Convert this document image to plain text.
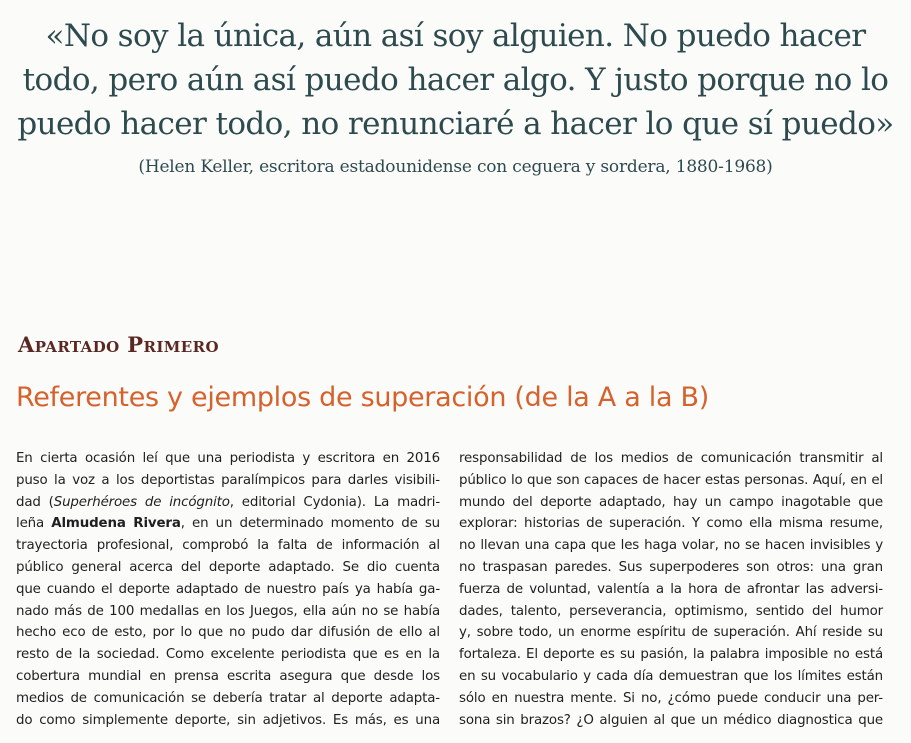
«No soy la única, aún así soy alguien. No puedo hacer
todo, pero aún así puedo hacer algo. Y justo porque no lo
puedo hacer todo, no renunciaré a hacer lo que sí puedo»
(Helen Keller, escritora estadounidense con ceguera y sordera, 1880-1968)
Apartado Primero
Referentes y ejemplos de superación (de la A a la B)
En cierta ocasión leí que una periodista y escritora en 2016
puso la voz a los deportistas paralímpicos para darles visibili-
dad (Superhéroes de incógnito, editorial Cydonia). La madri-
leña Almudena Rivera, en un determinado momento de su
trayectoria profesional, comprobó la falta de información al
público general acerca del deporte adaptado. Se dio cuenta
que cuando el deporte adaptado de nuestro país ya había ga-
nado más de 100 medallas en los Juegos, ella aún no se había
hecho eco de esto, por lo que no pudo dar difusión de ello al
resto de la sociedad. Como excelente periodista que es en la
cobertura mundial en prensa escrita asegura que desde los
medios de comunicación se debería tratar al deporte adapta-
do como simplemente deporte, sin adjetivos. Es más, es una
responsabilidad de los medios de comunicación transmitir al
público lo que son capaces de hacer estas personas. Aquí, en el
mundo del deporte adaptado, hay un campo inagotable que
explorar: historias de superación. Y como ella misma resume,
no llevan una capa que les haga volar, no se hacen invisibles y
no traspasan paredes. Sus superpoderes son otros: una gran
fuerza de voluntad, valentía a la hora de afrontar las adversi-
dades, talento, perseverancia, optimismo, sentido del humor
y, sobre todo, un enorme espíritu de superación. Ahí reside su
fortaleza. El deporte es su pasión, la palabra imposible no está
en su vocabulario y cada día demuestran que los límites están
sólo en nuestra mente. Si no, ¿cómo puede conducir una per-
sona sin brazos? ¿O alguien al que un médico diagnostica que
